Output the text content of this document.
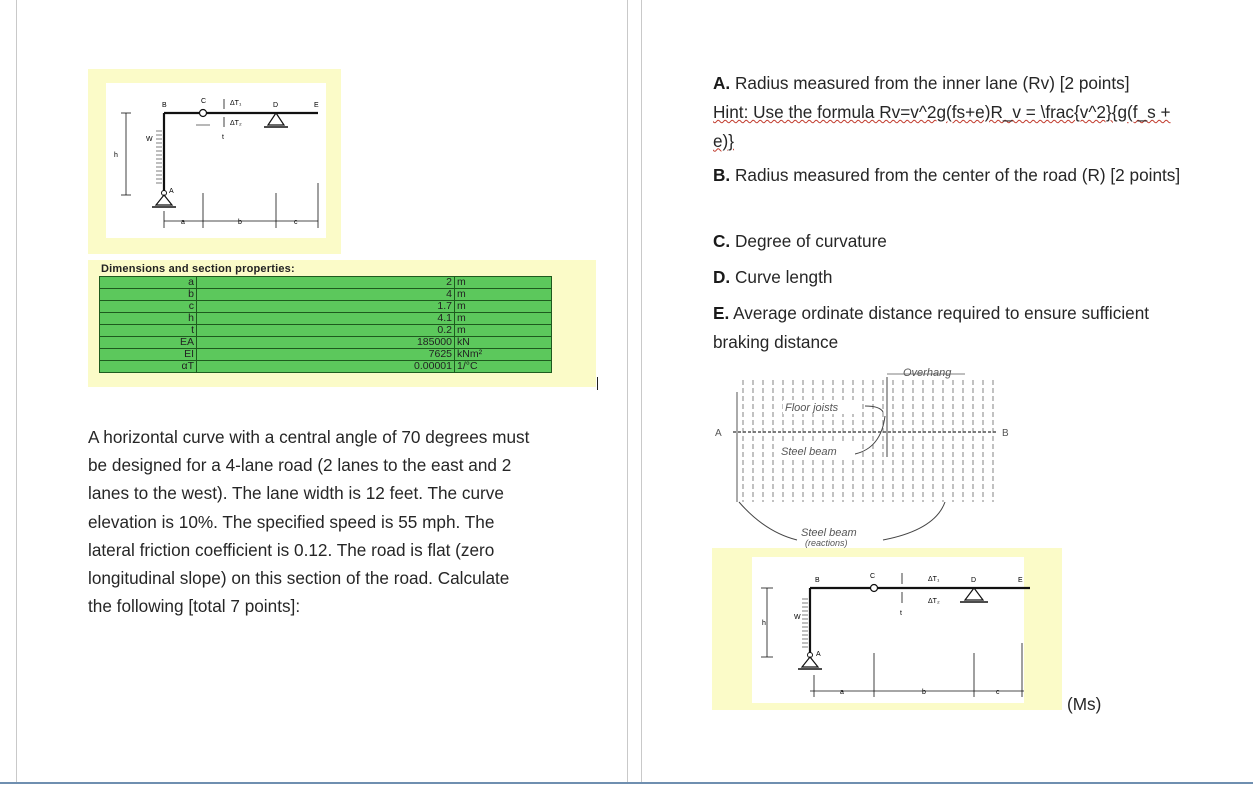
B
C
D	E
A
a	b	c
h
W	t
ΔT₁
ΔT₂
Dimensions and section properties:
a	2	m
b	4	m
c	1.7	m
h	4.1	m
t	0.2	m
EA	185000	kN
EI	7625	kNm²
αT	0.00001	1/°C
A horizontal curve with a central angle of 70 degrees must be designed for a 4-lane road (2 lanes to the east and 2 lanes to the west). The lane width is 12 feet. The curve elevation is 10%. The specified speed is 55 mph. The lateral friction coefficient is 0.12. The road is flat (zero longitudinal slope) on this section of the road. Calculate the following [total 7 points]:
A. Radius measured from the inner lane (Rv) [2 points]
Hint: Use the formula Rv=v^2g(fs+e)R_v = \frac{v^2}{g(f_s + e)}
B. Radius measured from the center of the road (R) [2 points]
C. Degree of curvature
D. Curve length
E. Average ordinate distance required to ensure sufficient braking distance
Overhang
Floor joists
Steel beam
Steel beam
(reactions)
A	B
B
C
D	E
A
a	b	c
h
W
t
ΔT₁
ΔT₂
(Ms)
